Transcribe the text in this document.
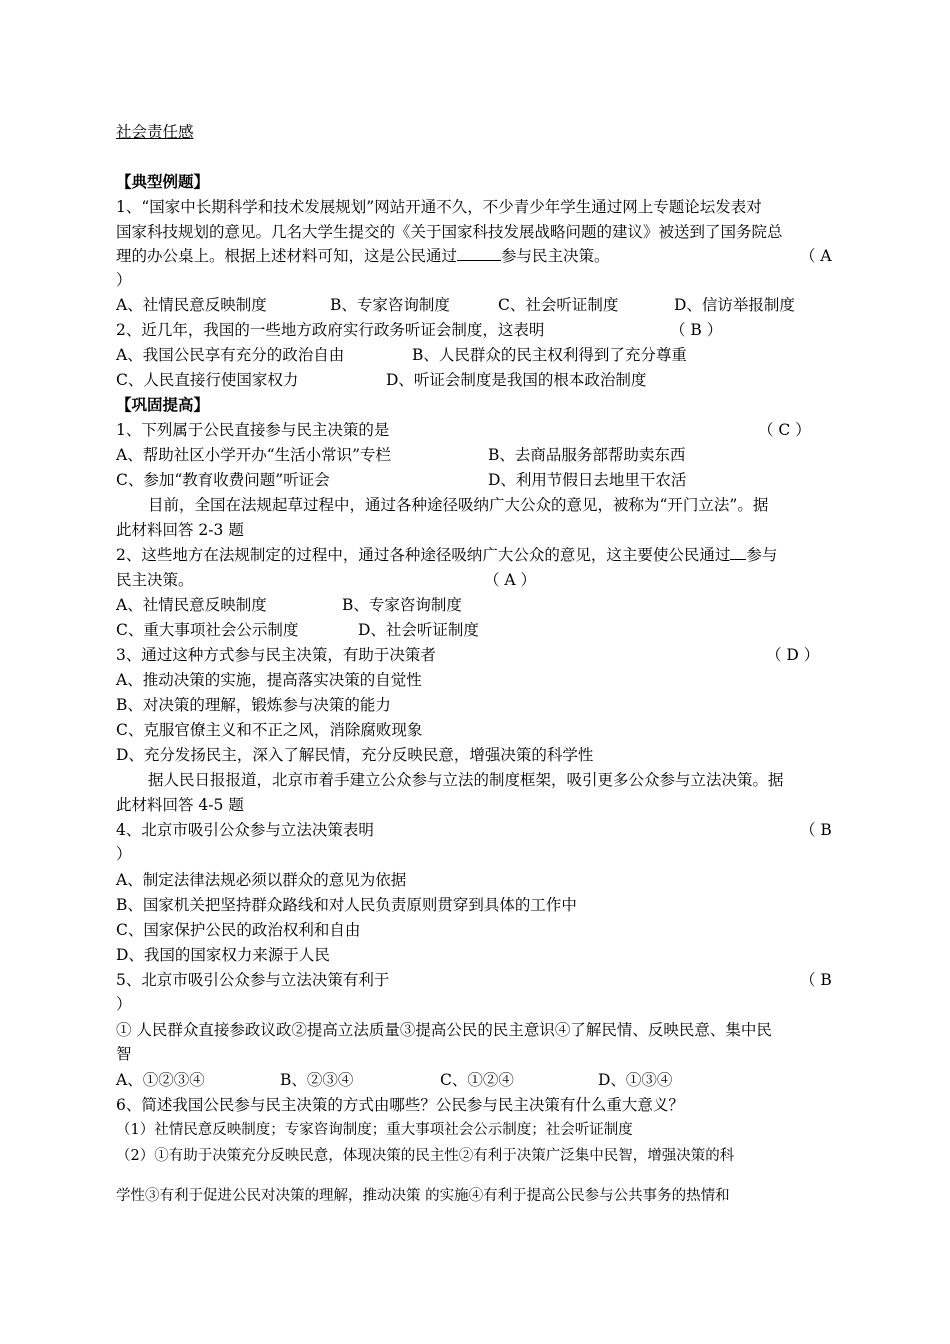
社会责任感
【典型例题】
1、“国家中长期科学和技术发展规划”网站开通不久，不少青少年学生通过网上专题论坛发表对
国家科技规划的意见。几名大学生提交的《关于国家科技发展战略问题的建议》被送到了国务院总
理的办公桌上。根据上述材料可知，这是公民通过	参与民主决策。	（ A
）
A、社情民意反映制度	B、专家咨询制度	C、社会听证制度	D、信访举报制度
2、近几年，我国的一些地方政府实行政务听证会制度，这表明	（ B ）
A、我国公民享有充分的政治自由	B、人民群众的民主权利得到了充分尊重
C、人民直接行使国家权力	D、听证会制度是我国的根本政治制度
【巩固提高】
1、下列属于公民直接参与民主决策的是	（ C ）
A、帮助社区小学开办“生活小常识”专栏	B、去商品服务部帮助卖东西
C、参加“教育收费问题”听证会	D、利用节假日去地里干农活
目前，全国在法规起草过程中，通过各种途径吸纳广大公众的意见，被称为“开门立法”。据
此材料回答 2-3 题
2、这些地方在法规制定的过程中，通过各种途径吸纳广大公众的意见，这主要使公民通过 参与
民主决策。	（ A ）
A、社情民意反映制度	B、专家咨询制度
C、重大事项社会公示制度	D、社会听证制度
3、通过这种方式参与民主决策，有助于决策者	（ D ）
A、推动决策的实施，提高落实决策的自觉性
B、对决策的理解，锻炼参与决策的能力
C、克服官僚主义和不正之风，消除腐败现象
D、充分发扬民主，深入了解民情，充分反映民意，增强决策的科学性
据人民日报报道，北京市着手建立公众参与立法的制度框架，吸引更多公众参与立法决策。据
此材料回答 4-5 题
4、北京市吸引公众参与立法决策表明	（ B
）
A、制定法律法规必须以群众的意见为依据
B、国家机关把坚持群众路线和对人民负责原则贯穿到具体的工作中
C、国家保护公民的政治权利和自由
D、我国的国家权力来源于人民
5、北京市吸引公众参与立法决策有利于	（ B
）
① 人民群众直接参政议政②提高立法质量③提高公民的民主意识④了解民情、反映民意、集中民
智
A、①②③④	B、②③④	C、①②④	D、①③④
6、简述我国公民参与民主决策的方式由哪些？公民参与民主决策有什么重大意义？
（1）社情民意反映制度；专家咨询制度；重大事项社会公示制度；社会听证制度
（2）①有助于决策充分反映民意，体现决策的民主性②有利于决策广泛集中民智，增强决策的科
学性③有利于促进公民对决策的理解，推动决策 的实施④有利于提高公民参与公共事务的热情和
